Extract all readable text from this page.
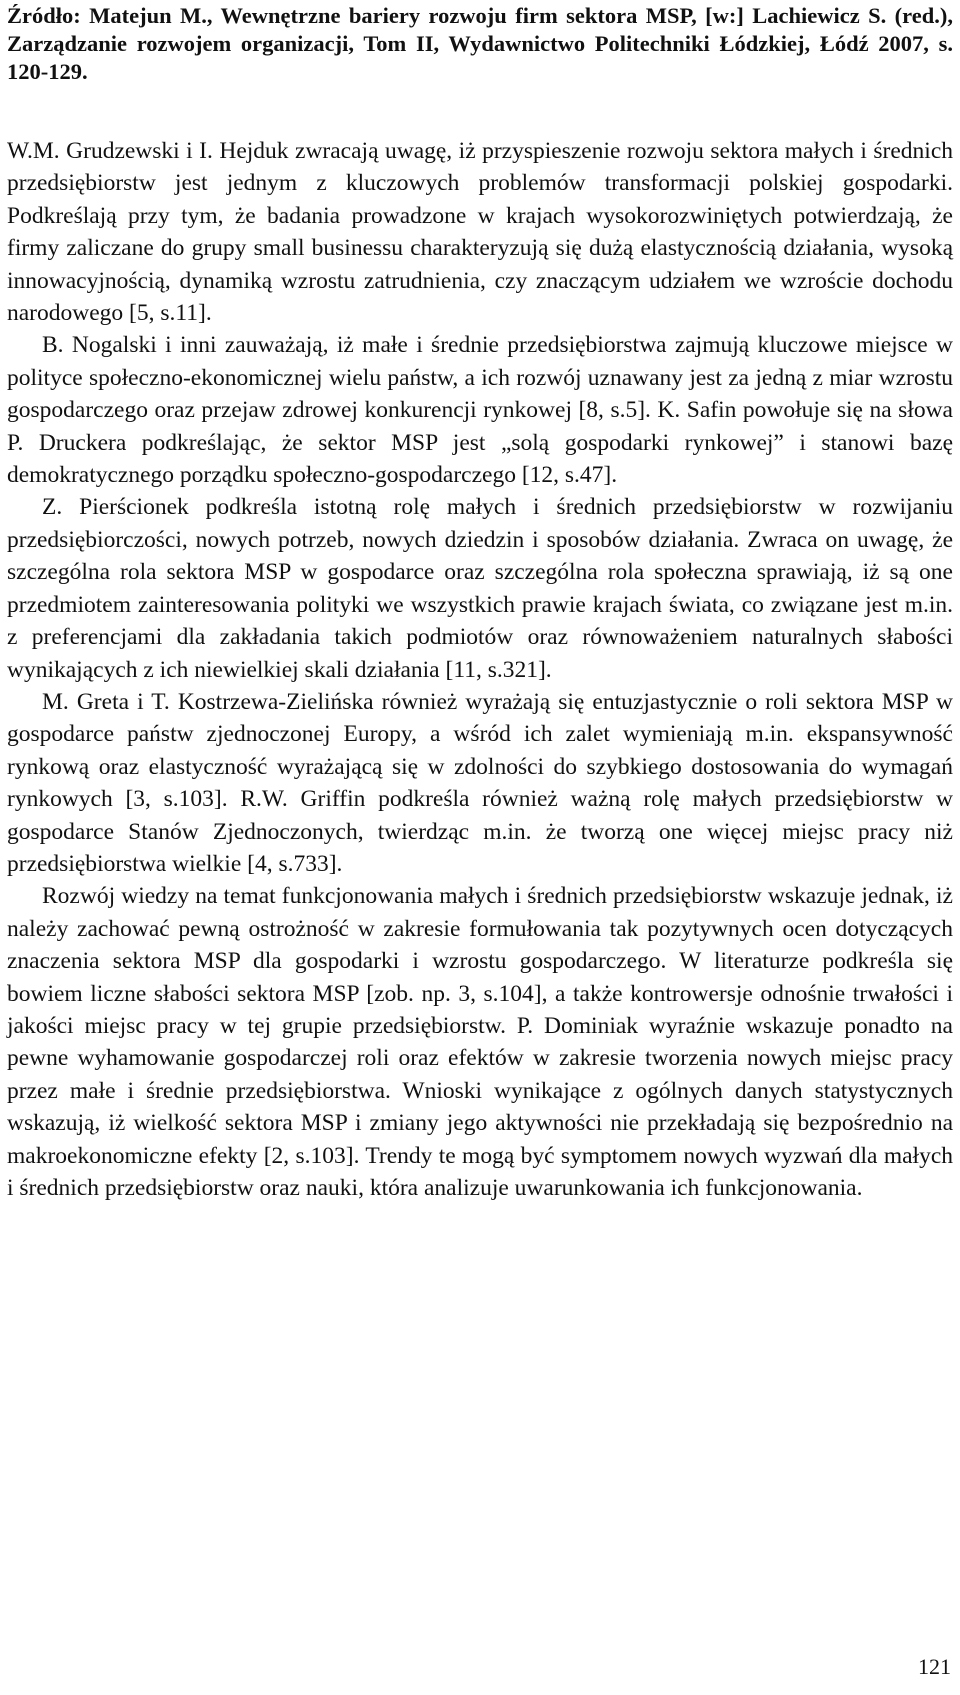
Źródło: Matejun M., Wewnętrzne bariery rozwoju firm sektora MSP, [w:] Lachiewicz S. (red.), Zarządzanie rozwojem organizacji, Tom II, Wydawnictwo Politechniki Łódzkiej, Łódź 2007, s. 120-129.

W.M. Grudzewski i I. Hejduk zwracają uwagę, iż przyspieszenie rozwoju sektora małych i średnich przedsiębiorstw jest jednym z kluczowych problemów transformacji polskiej gospodarki. Podkreślają przy tym, że badania prowadzone w krajach wysokorozwiniętych potwierdzają, że firmy zaliczane do grupy small businessu charakteryzują się dużą elastycznością działania, wysoką innowacyjnością, dynamiką wzrostu zatrudnienia, czy znaczącym udziałem we wzroście dochodu narodowego [5, s.11].

B. Nogalski i inni zauważają, iż małe i średnie przedsiębiorstwa zajmują kluczowe miejsce w polityce społeczno-ekonomicznej wielu państw, a ich rozwój uznawany jest za jedną z miar wzrostu gospodarczego oraz przejaw zdrowej konkurencji rynkowej [8, s.5]. K. Safin powołuje się na słowa P. Druckera podkreślając, że sektor MSP jest „solą gospodarki rynkowej” i stanowi bazę demokratycznego porządku społeczno-gospodarczego [12, s.47].

Z. Pierścionek podkreśla istotną rolę małych i średnich przedsiębiorstw w rozwijaniu przedsiębiorczości, nowych potrzeb, nowych dziedzin i sposobów działania. Zwraca on uwagę, że szczególna rola sektora MSP w gospodarce oraz szczególna rola społeczna sprawiają, iż są one przedmiotem zainteresowania polityki we wszystkich prawie krajach świata, co związane jest m.in. z preferencjami dla zakładania takich podmiotów oraz równoważeniem naturalnych słabości wynikających z ich niewielkiej skali działania [11, s.321].

M. Greta i T. Kostrzewa-Zielińska również wyrażają się entuzjastycznie o roli sektora MSP w gospodarce państw zjednoczonej Europy, a wśród ich zalet wymieniają m.in. ekspansywność rynkową oraz elastyczność wyrażającą się w zdolności do szybkiego dostosowania do wymagań rynkowych [3, s.103]. R.W. Griffin podkreśla również ważną rolę małych przedsiębiorstw w gospodarce Stanów Zjednoczonych, twierdząc m.in. że tworzą one więcej miejsc pracy niż przedsiębiorstwa wielkie [4, s.733].

Rozwój wiedzy na temat funkcjonowania małych i średnich przedsiębiorstw wskazuje jednak, iż należy zachować pewną ostrożność w zakresie formułowania tak pozytywnych ocen dotyczących znaczenia sektora MSP dla gospodarki i wzrostu gospodarczego. W literaturze podkreśla się bowiem liczne słabości sektora MSP [zob. np. 3, s.104], a także kontrowersje odnośnie trwałości i jakości miejsc pracy w tej grupie przedsiębiorstw. P. Dominiak wyraźnie wskazuje ponadto na pewne wyhamowanie gospodarczej roli oraz efektów w zakresie tworzenia nowych miejsc pracy przez małe i średnie przedsiębiorstwa. Wnioski wynikające z ogólnych danych statystycznych wskazują, iż wielkość sektora MSP i zmiany jego aktywności nie przekładają się bezpośrednio na makroekonomiczne efekty [2, s.103]. Trendy te mogą być symptomem nowych wyzwań dla małych i średnich przedsiębiorstw oraz nauki, która analizuje uwarunkowania ich funkcjonowania.

121
